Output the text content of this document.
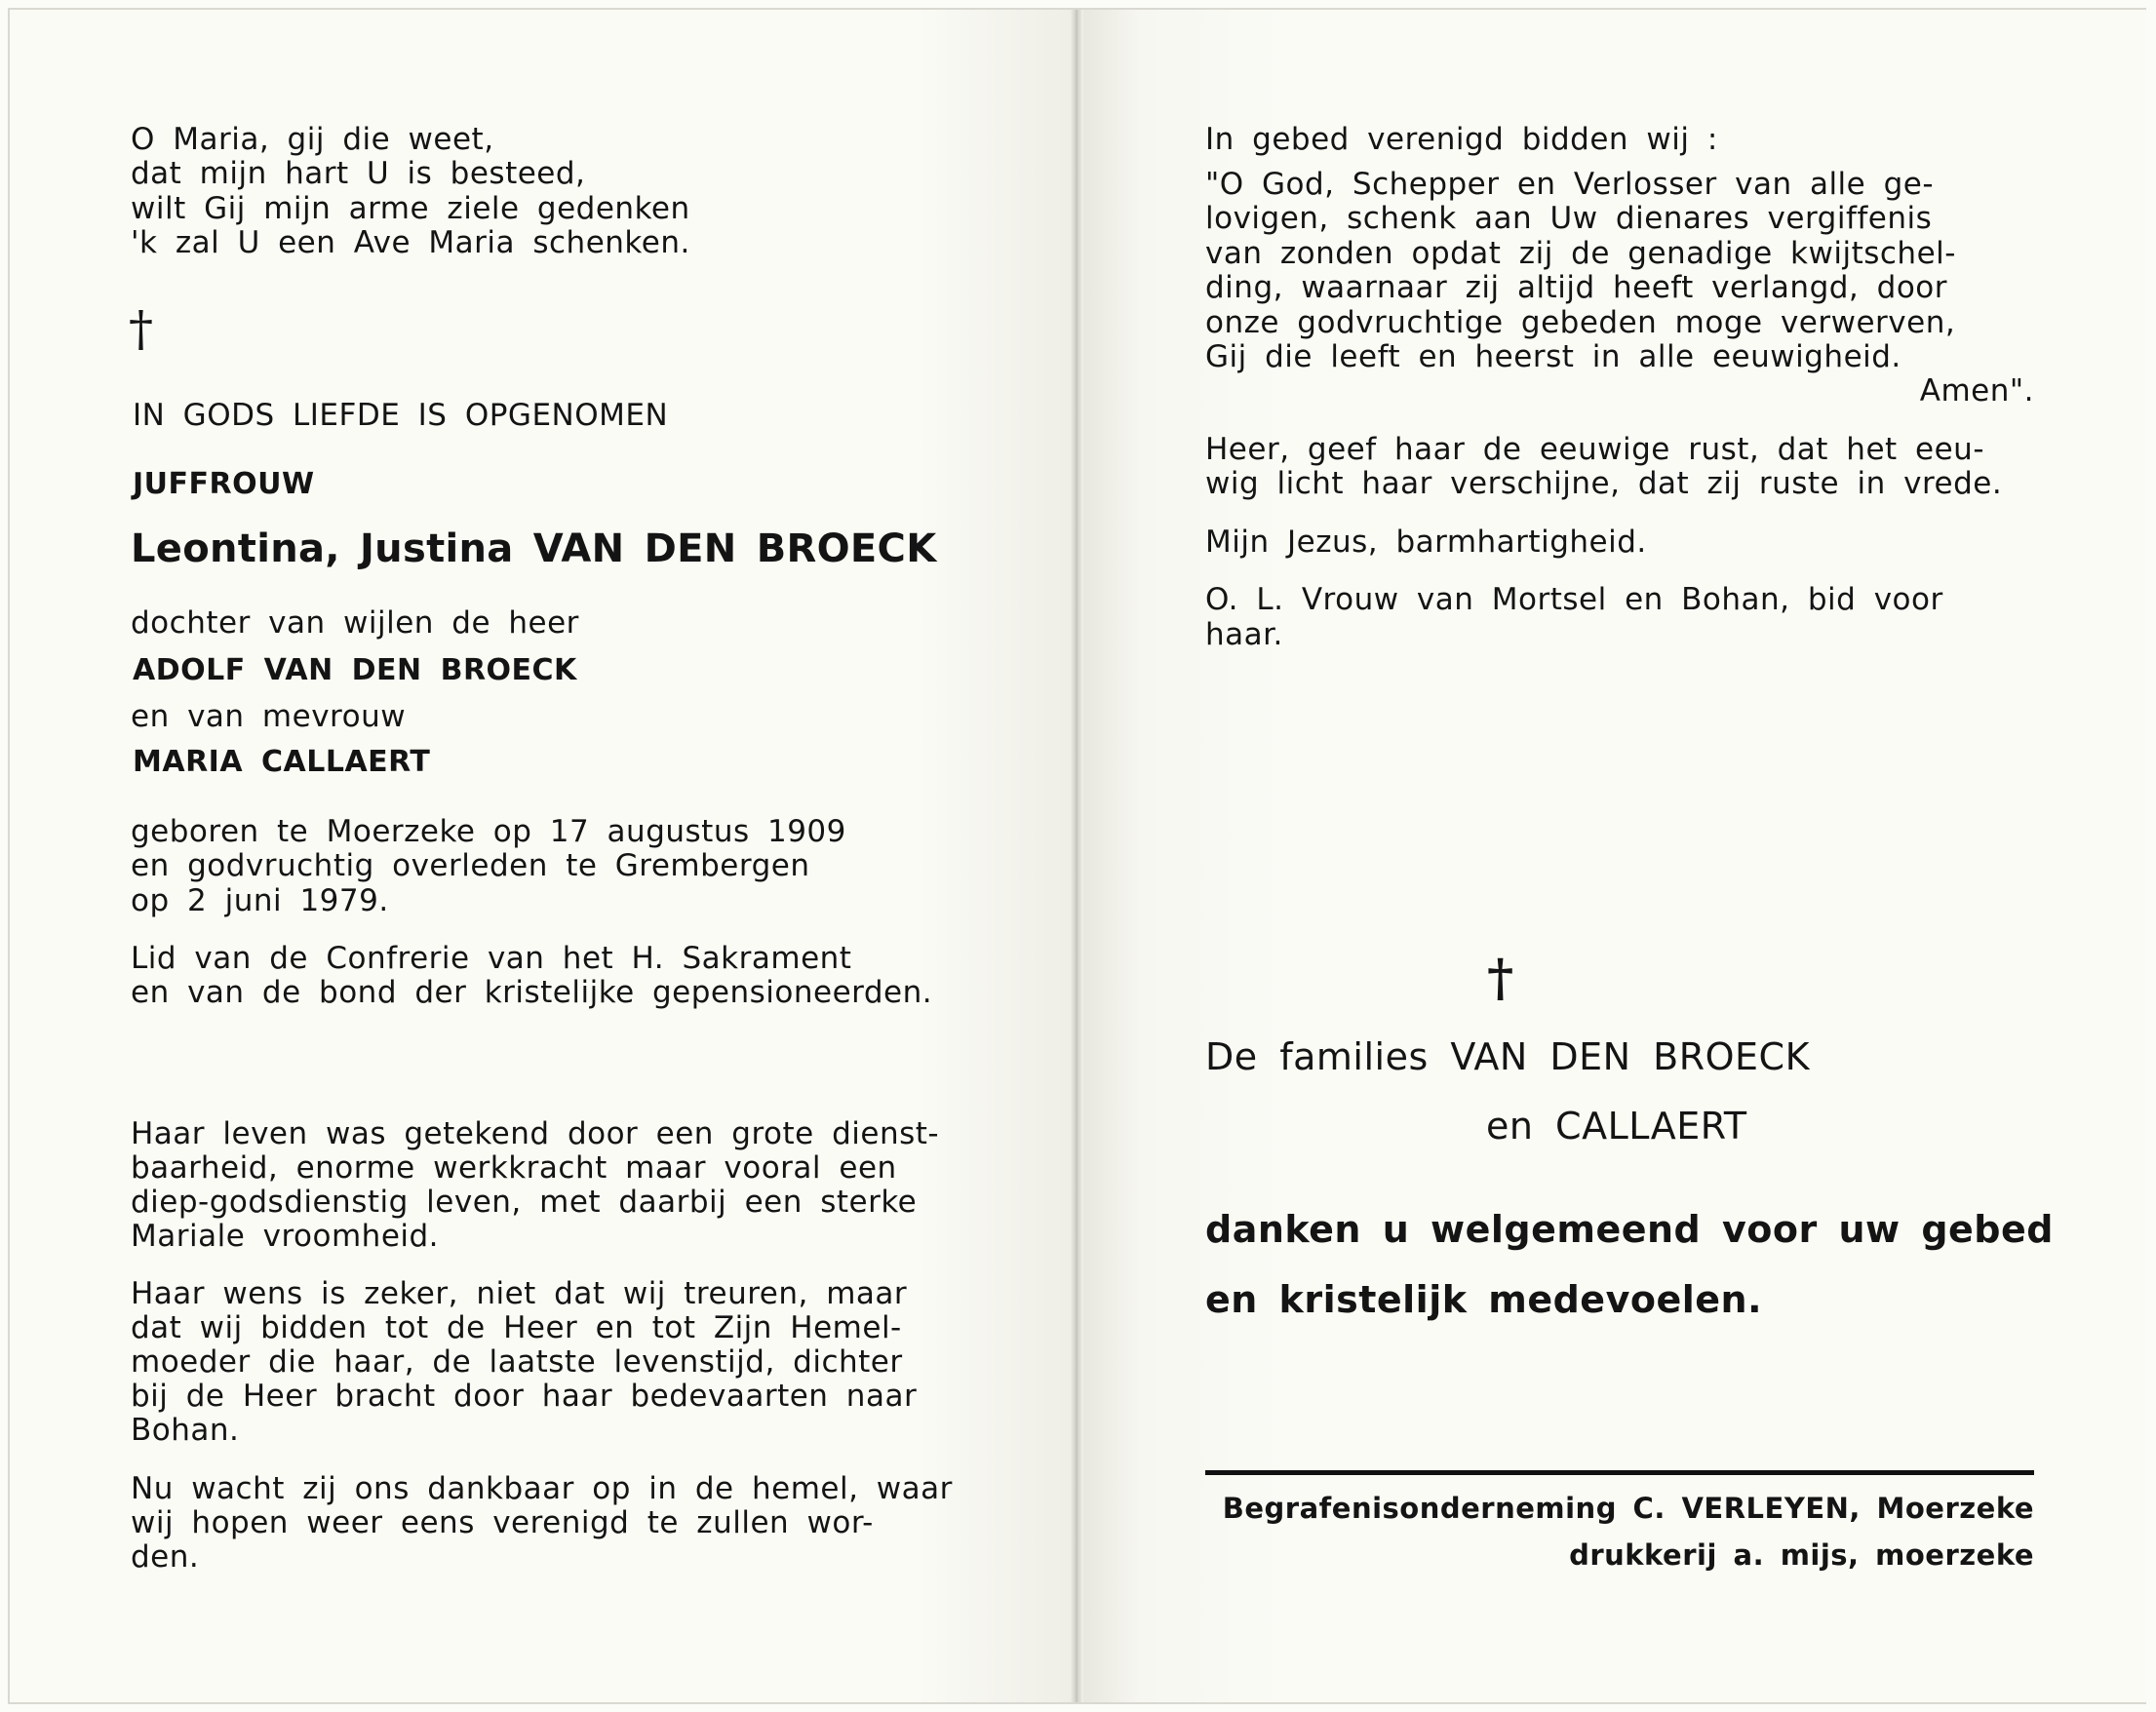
O Maria, gij die weet,
dat mijn hart U is besteed,
wilt Gij mijn arme ziele gedenken
'k zal U een Ave Maria schenken.
†
IN GODS LIEFDE IS OPGENOMEN
JUFFROUW
Leontina, Justina VAN DEN BROECK
dochter van wijlen de heer
ADOLF VAN DEN BROECK
en van mevrouw
MARIA CALLAERT
geboren te Moerzeke op 17 augustus 1909
en godvruchtig overleden te Grembergen
op 2 juni 1979.
Lid van de Confrerie van het H. Sakrament
en van de bond der kristelijke gepensioneerden.
Haar leven was getekend door een grote dienst-
baarheid, enorme werkkracht maar vooral een
diep-godsdienstig leven, met daarbij een sterke
Mariale vroomheid.
Haar wens is zeker, niet dat wij treuren, maar
dat wij bidden tot de Heer en tot Zijn Hemel-
moeder die haar, de laatste levenstijd, dichter
bij de Heer bracht door haar bedevaarten naar
Bohan.
Nu wacht zij ons dankbaar op in de hemel, waar
wij hopen weer eens verenigd te zullen wor-
den.
In gebed verenigd bidden wij :
"O God, Schepper en Verlosser van alle ge-
lovigen, schenk aan Uw dienares vergiffenis
van zonden opdat zij de genadige kwijtschel-
ding, waarnaar zij altijd heeft verlangd, door
onze godvruchtige gebeden moge verwerven,
Gij die leeft en heerst in alle eeuwigheid.
Amen".
Heer, geef haar de eeuwige rust, dat het eeu-
wig licht haar verschijne, dat zij ruste in vrede.
Mijn Jezus, barmhartigheid.
O. L. Vrouw van Mortsel en Bohan, bid voor
haar.
†
De families VAN DEN BROECK
en CALLAERT
danken u welgemeend voor uw gebed
en kristelijk medevoelen.
Begrafenisonderneming C. VERLEYEN, Moerzeke
drukkerij a. mijs, moerzeke
